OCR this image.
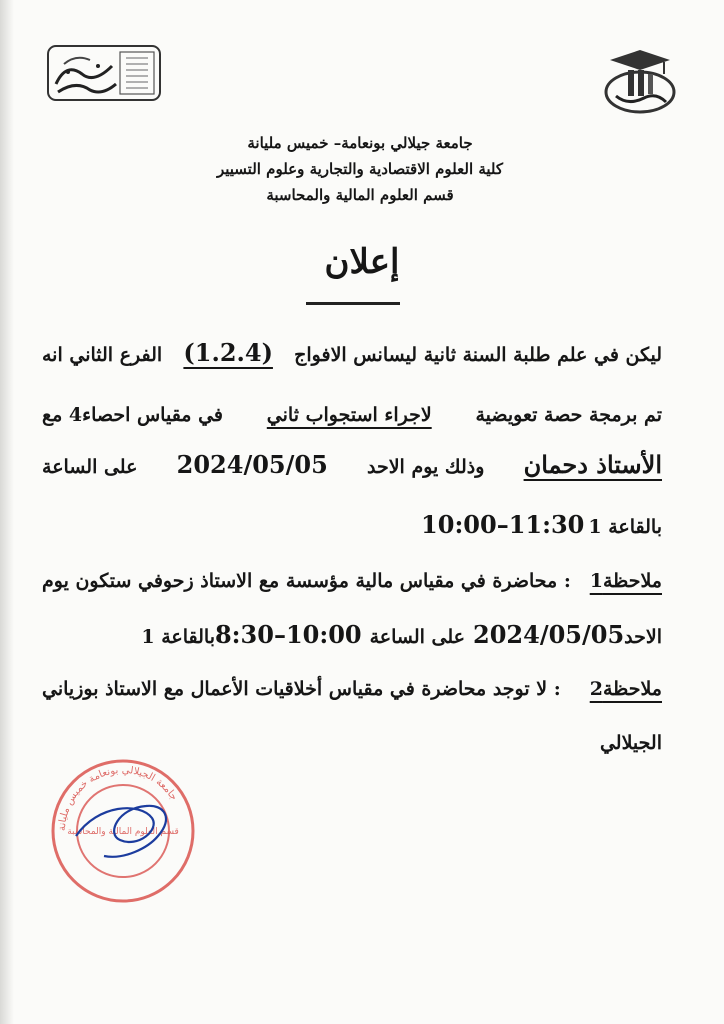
جامعة جيلالي بونعامة– خميس مليانة
كلية العلوم الاقتصادية والتجارية وعلوم التسيير
قسم العلوم المالية والمحاسبة
إعلان
ليكن في علم طلبة السنة ثانية ليسانس الافواج
(1.2.4)
الفرع الثاني انه
تم برمجة حصة تعويضية
لاجراء استجواب ثاني
في مقياس احصاء4 مع
الأستاذ دحمان
وذلك يوم الاحد
2024/05/05
على الساعة
بالقاعة 1
10:00–11:30
ملاحظة1
: محاضرة في مقياس مالية مؤسسة مع الاستاذ زحوفي ستكون يوم
الاحد
2024/05/05
على الساعة
8:30–10:00
بالقاعة 1
ملاحظة2
: لا توجد محاضرة في مقياس أخلاقيات الأعمال مع الاستاذ بوزياني
الجيلالي
جامعة الجيلالي بونعامة خميس مليانة
قسم العلوم المالية والمحاسبة
